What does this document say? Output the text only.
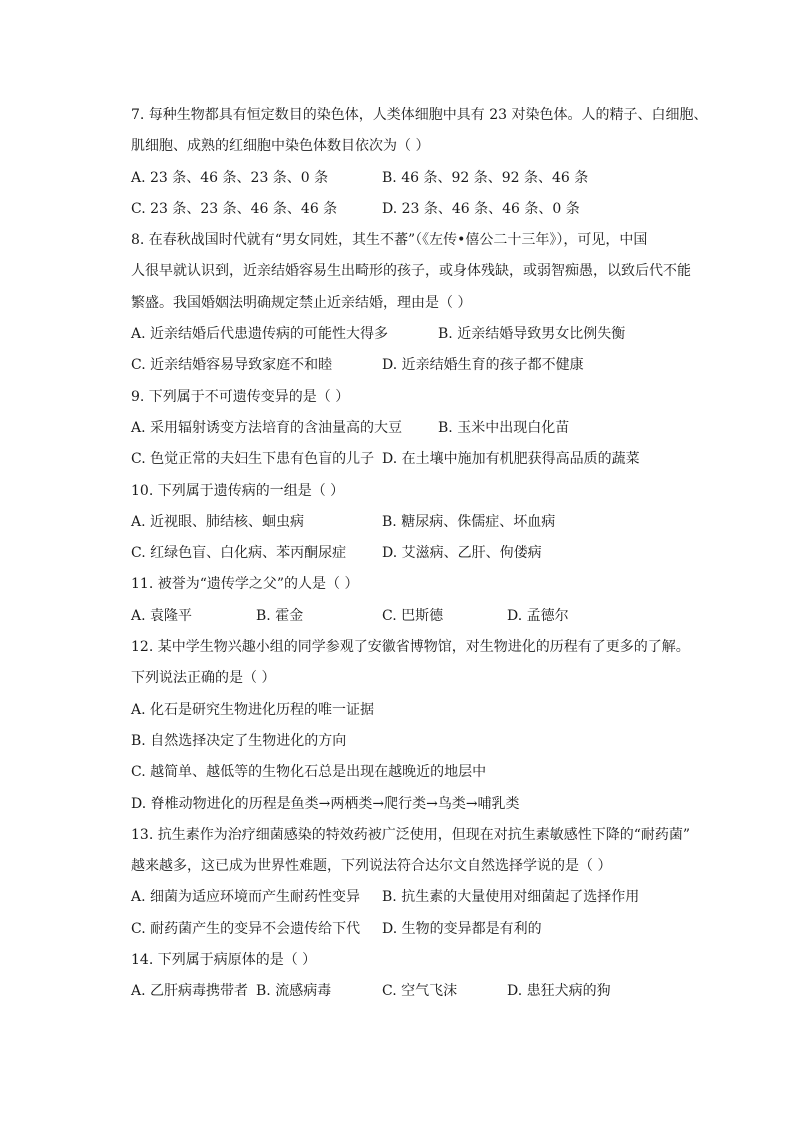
7. 每种生物都具有恒定数目的染色体，人类体细胞中具有 23 对染色体。人的精子、白细胞、
肌细胞、成熟的红细胞中染色体数目依次为（ ）
A. 23 条、46 条、23 条、0 条	B. 46 条、92 条、92 条、46 条
C. 23 条、23 条、46 条、46 条	D. 23 条、46 条、46 条、0 条
8. 在春秋战国时代就有“男女同姓，其生不蕃”（《左传•僖公二十三年》），可见，中国
人很早就认识到，近亲结婚容易生出畸形的孩子，或身体残缺，或弱智痴愚，以致后代不能
繁盛。我国婚姻法明确规定禁止近亲结婚，理由是（ ）
A. 近亲结婚后代患遗传病的可能性大得多	B. 近亲结婚导致男女比例失衡
C. 近亲结婚容易导致家庭不和睦	D. 近亲结婚生育的孩子都不健康
9. 下列属于不可遗传变异的是（ ）
A. 采用辐射诱变方法培育的含油量高的大豆	B. 玉米中出现白化苗
C. 色觉正常的夫妇生下患有色盲的儿子 D. 在土壤中施加有机肥获得高品质的蔬菜
10. 下列属于遗传病的一组是（ ）
A. 近视眼、肺结核、蛔虫病	B. 糖尿病、侏儒症、坏血病
C. 红绿色盲、白化病、苯丙酮尿症	D. 艾滋病、乙肝、佝偻病
11. 被誉为“遗传学之父”的人是（ ）
A. 袁隆平	B. 霍金	C. 巴斯德	D. 孟德尔
12. 某中学生物兴趣小组的同学参观了安徽省博物馆，对生物进化的历程有了更多的了解。
下列说法正确的是（ ）
A. 化石是研究生物进化历程的唯一证据
B. 自然选择决定了生物进化的方向
C. 越简单、越低等的生物化石总是出现在越晚近的地层中
D. 脊椎动物进化的历程是鱼类→两栖类→爬行类→鸟类→哺乳类
13. 抗生素作为治疗细菌感染的特效药被广泛使用，但现在对抗生素敏感性下降的“耐药菌”
越来越多，这已成为世界性难题，下列说法符合达尔文自然选择学说的是（ ）
A. 细菌为适应环境而产生耐药性变异 B. 抗生素的大量使用对细菌起了选择作用
C. 耐药菌产生的变异不会遗传给下代 D. 生物的变异都是有利的
14. 下列属于病原体的是（ ）
A. 乙肝病毒携带者 B. 流感病毒	C. 空气飞沫	D. 患狂犬病的狗
